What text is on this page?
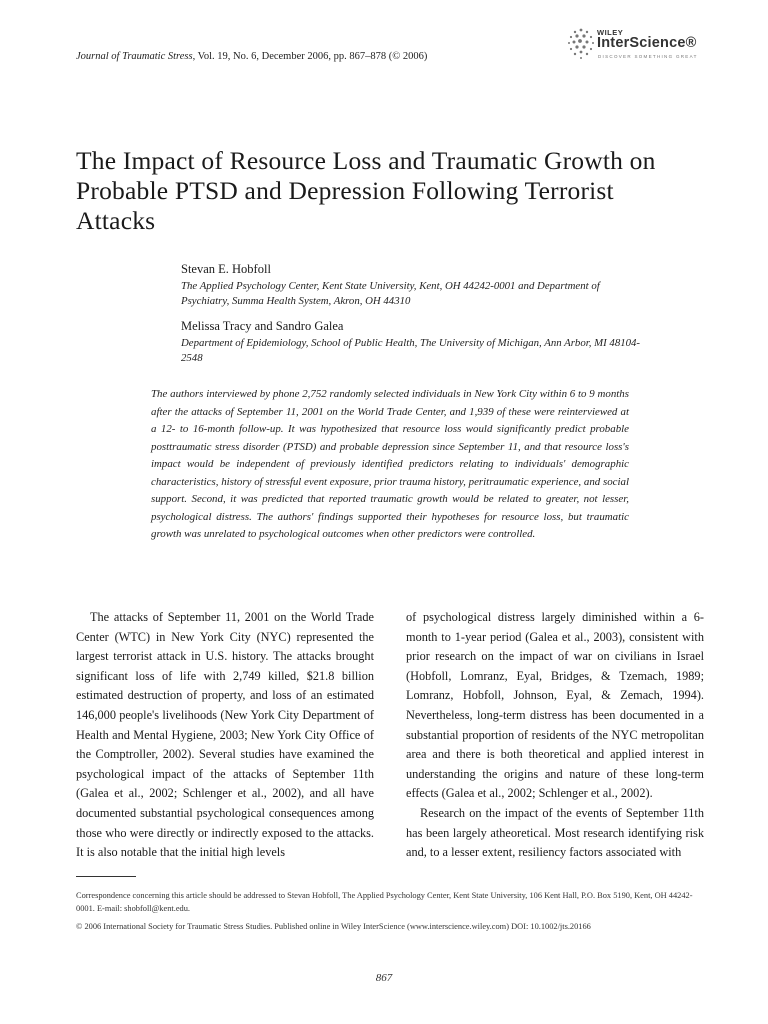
Journal of Traumatic Stress, Vol. 19, No. 6, December 2006, pp. 867–878 (© 2006)
WILEY
InterScience®
DISCOVER SOMETHING GREAT
The Impact of Resource Loss and Traumatic Growth on Probable PTSD and Depression Following Terrorist Attacks
Stevan E. Hobfoll
The Applied Psychology Center, Kent State University, Kent, OH 44242-0001 and Department of Psychiatry, Summa Health System, Akron, OH 44310
Melissa Tracy and Sandro Galea
Department of Epidemiology, School of Public Health, The University of Michigan, Ann Arbor, MI 48104-2548

The authors interviewed by phone 2,752 randomly selected individuals in New York City within 6 to 9 months after the attacks of September 11, 2001 on the World Trade Center, and 1,939 of these were reinterviewed at a 12- to 16-month follow-up. It was hypothesized that resource loss would significantly predict probable posttraumatic stress disorder (PTSD) and probable depression since September 11, and that resource loss's impact would be independent of previously identified predictors relating to individuals' demographic characteristics, history of stressful event exposure, prior trauma history, peritraumatic experience, and social support. Second, it was predicted that reported traumatic growth would be related to greater, not lesser, psychological distress. The authors' findings supported their hypotheses for resource loss, but traumatic growth was unrelated to psychological outcomes when other predictors were controlled.

The attacks of September 11, 2001 on the World Trade Center (WTC) in New York City (NYC) represented the largest terrorist attack in U.S. history. The attacks brought significant loss of life with 2,749 killed, $21.8 billion estimated destruction of property, and loss of an estimated 146,000 people's livelihoods (New York City Department of Health and Mental Hygiene, 2003; New York City Office of the Comptroller, 2002). Several studies have examined the psychological impact of the attacks of September 11th (Galea et al., 2002; Schlenger et al., 2002), and all have documented substantial psychological consequences among those who were directly or indirectly exposed to the attacks. It is also notable that the initial high levels

of psychological distress largely diminished within a 6-month to 1-year period (Galea et al., 2003), consistent with prior research on the impact of war on civilians in Israel (Hobfoll, Lomranz, Eyal, Bridges, & Tzemach, 1989; Lomranz, Hobfoll, Johnson, Eyal, & Zemach, 1994). Nevertheless, long-term distress has been documented in a substantial proportion of residents of the NYC metropolitan area and there is both theoretical and applied interest in understanding the origins and nature of these long-term effects (Galea et al., 2002; Schlenger et al., 2002).

Research on the impact of the events of September 11th has been largely atheoretical. Most research identifying risk and, to a lesser extent, resiliency factors associated with

Correspondence concerning this article should be addressed to Stevan Hobfoll, The Applied Psychology Center, Kent State University, 106 Kent Hall, P.O. Box 5190, Kent, OH 44242-0001. E-mail: shobfoll@kent.edu.

© 2006 International Society for Traumatic Stress Studies. Published online in Wiley InterScience (www.interscience.wiley.com) DOI: 10.1002/jts.20166

867
